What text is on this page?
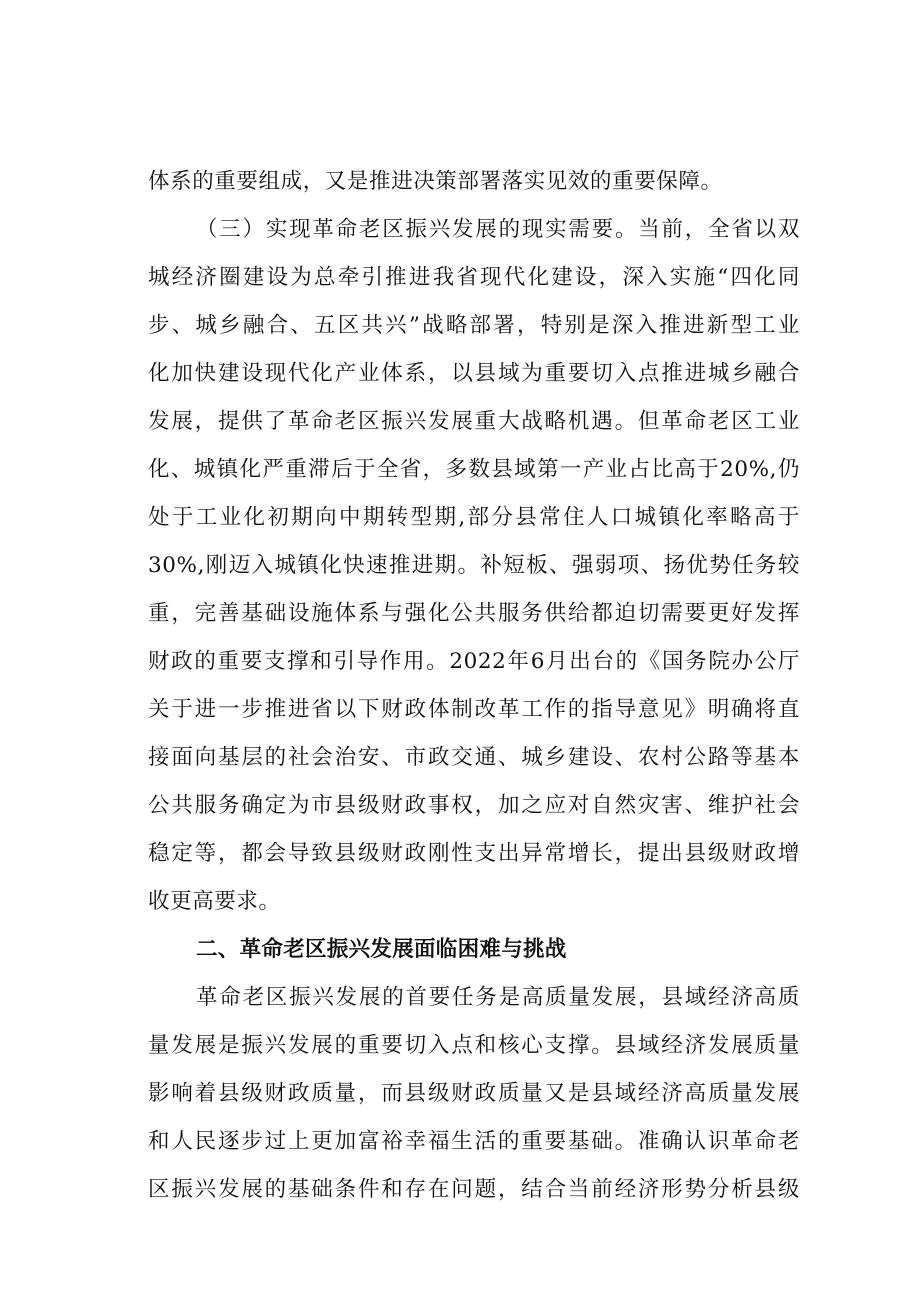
体系的重要组成，又是推进决策部署落实见效的重要保障。
（三）实现革命老区振兴发展的现实需要。当前，全省以双
城经济圈建设为总牵引推进我省现代化建设，深入实施“四化同
步、城乡融合、五区共兴”战略部署，特别是深入推进新型工业
化加快建设现代化产业体系，以县域为重要切入点推进城乡融合
发展，提供了革命老区振兴发展重大战略机遇。但革命老区工业
化、城镇化严重滞后于全省，多数县域第一产业占比高于20%,仍
处于工业化初期向中期转型期,部分县常住人口城镇化率略高于
30%,刚迈入城镇化快速推进期。补短板、强弱项、扬优势任务较
重，完善基础设施体系与强化公共服务供给都迫切需要更好发挥
财政的重要支撑和引导作用。2022年6月出台的《国务院办公厅
关于进一步推进省以下财政体制改革工作的指导意见》明确将直
接面向基层的社会治安、市政交通、城乡建设、农村公路等基本
公共服务确定为市县级财政事权，加之应对自然灾害、维护社会
稳定等，都会导致县级财政刚性支出异常增长，提出县级财政增
收更高要求。
二、革命老区振兴发展面临困难与挑战
革命老区振兴发展的首要任务是高质量发展，县域经济高质
量发展是振兴发展的重要切入点和核心支撑。县域经济发展质量
影响着县级财政质量，而县级财政质量又是县域经济高质量发展
和人民逐步过上更加富裕幸福生活的重要基础。准确认识革命老
区振兴发展的基础条件和存在问题，结合当前经济形势分析县级
